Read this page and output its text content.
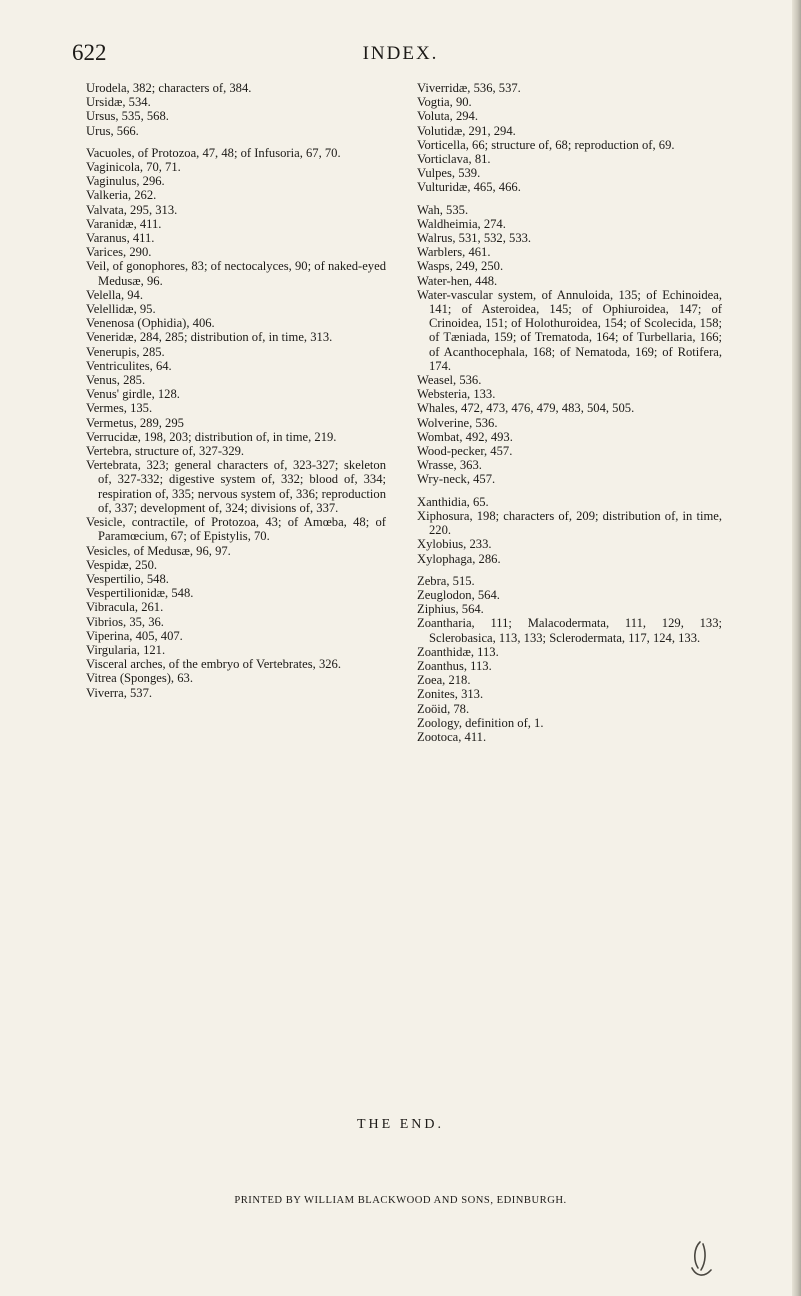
622	INDEX.

Urodela, 382; characters of, 384.

Ursidæ, 534.

Ursus, 535, 568.

Urus, 566.

Vacuoles, of Protozoa, 47, 48; of Infusoria, 67, 70.

Vaginicola, 70, 71.

Vaginulus, 296.

Valkeria, 262.

Valvata, 295, 313.

Varanidæ, 411.

Varanus, 411.

Varices, 290.

Veil, of gonophores, 83; of nectocalyces, 90; of naked-eyed Medusæ, 96.

Velella, 94.

Velellidæ, 95.

Venenosa (Ophidia), 406.

Veneridæ, 284, 285; distribution of, in time, 313.

Venerupis, 285.

Ventriculites, 64.

Venus, 285.

Venus' girdle, 128.

Vermes, 135.

Vermetus, 289, 295

Verrucidæ, 198, 203; distribution of, in time, 219.

Vertebra, structure of, 327-329.

Vertebrata, 323; general characters of, 323-327; skeleton of, 327-332; digestive system of, 332; blood of, 334; respiration of, 335; nervous system of, 336; reproduction of, 337; development of, 324; divisions of, 337.

Vesicle, contractile, of Protozoa, 43; of Amœba, 48; of Paramœcium, 67; of Epistylis, 70.

Vesicles, of Medusæ, 96, 97.

Vespidæ, 250.

Vespertilio, 548.

Vespertilionidæ, 548.

Vibracula, 261.

Vibrios, 35, 36.

Viperina, 405, 407.

Virgularia, 121.

Visceral arches, of the embryo of Vertebrates, 326.

Vitrea (Sponges), 63.

Viverra, 537.

Viverridæ, 536, 537.

Vogtia, 90.

Voluta, 294.

Volutidæ, 291, 294.

Vorticella, 66; structure of, 68; reproduction of, 69.

Vorticlava, 81.

Vulpes, 539.

Vulturidæ, 465, 466.

Wah, 535.

Waldheimia, 274.

Walrus, 531, 532, 533.

Warblers, 461.

Wasps, 249, 250.

Water-hen, 448.

Water-vascular system, of Annuloida, 135; of Echinoidea, 141; of Asteroidea, 145; of Ophiuroidea, 147; of Crinoidea, 151; of Holothuroidea, 154; of Scolecida, 158; of Tæniada, 159; of Trematoda, 164; of Turbellaria, 166; of Acanthocephala, 168; of Nematoda, 169; of Rotifera, 174.

Weasel, 536.

Websteria, 133.

Whales, 472, 473, 476, 479, 483, 504, 505.

Wolverine, 536.

Wombat, 492, 493.

Wood-pecker, 457.

Wrasse, 363.

Wry-neck, 457.

Xanthidia, 65.

Xiphosura, 198; characters of, 209; distribution of, in time, 220.

Xylobius, 233.

Xylophaga, 286.

Zebra, 515.

Zeuglodon, 564.

Ziphius, 564.

Zoantharia, 111; Malacodermata, 111, 129, 133; Sclerobasica, 113, 133; Sclerodermata, 117, 124, 133.

Zoanthidæ, 113.

Zoanthus, 113.

Zoea, 218.

Zonites, 313.

Zoöid, 78.

Zoology, definition of, 1.

Zootoca, 411.

THE END.
PRINTED BY WILLIAM BLACKWOOD AND SONS, EDINBURGH.
